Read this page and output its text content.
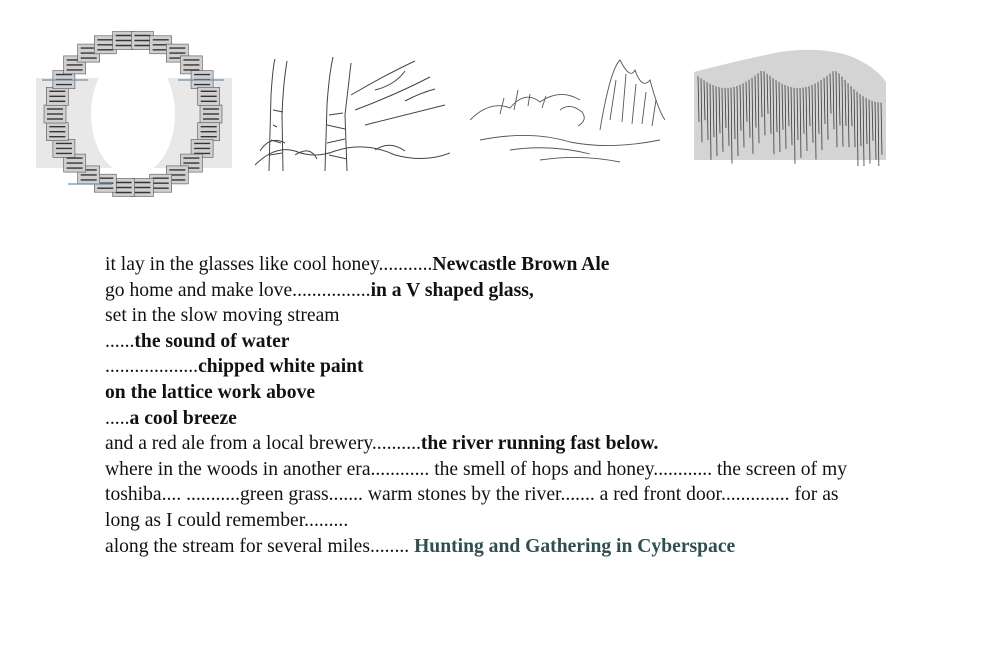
it lay in the glasses like cool honey...........Newcastle Brown Ale
go home and make love................in a V shaped glass,
set in the slow moving stream
......the sound of water
...................chipped white paint
on the lattice work above
.....a cool breeze
and a red ale from a local brewery..........the river running fast below.
where in the woods in another era............ the smell of hops and honey............ the screen of my toshiba.... ...........green grass....... warm stones by the river....... a red front door.............. for as long as I could remember.........
along the stream for several miles........ Hunting and Gathering in Cyberspace
